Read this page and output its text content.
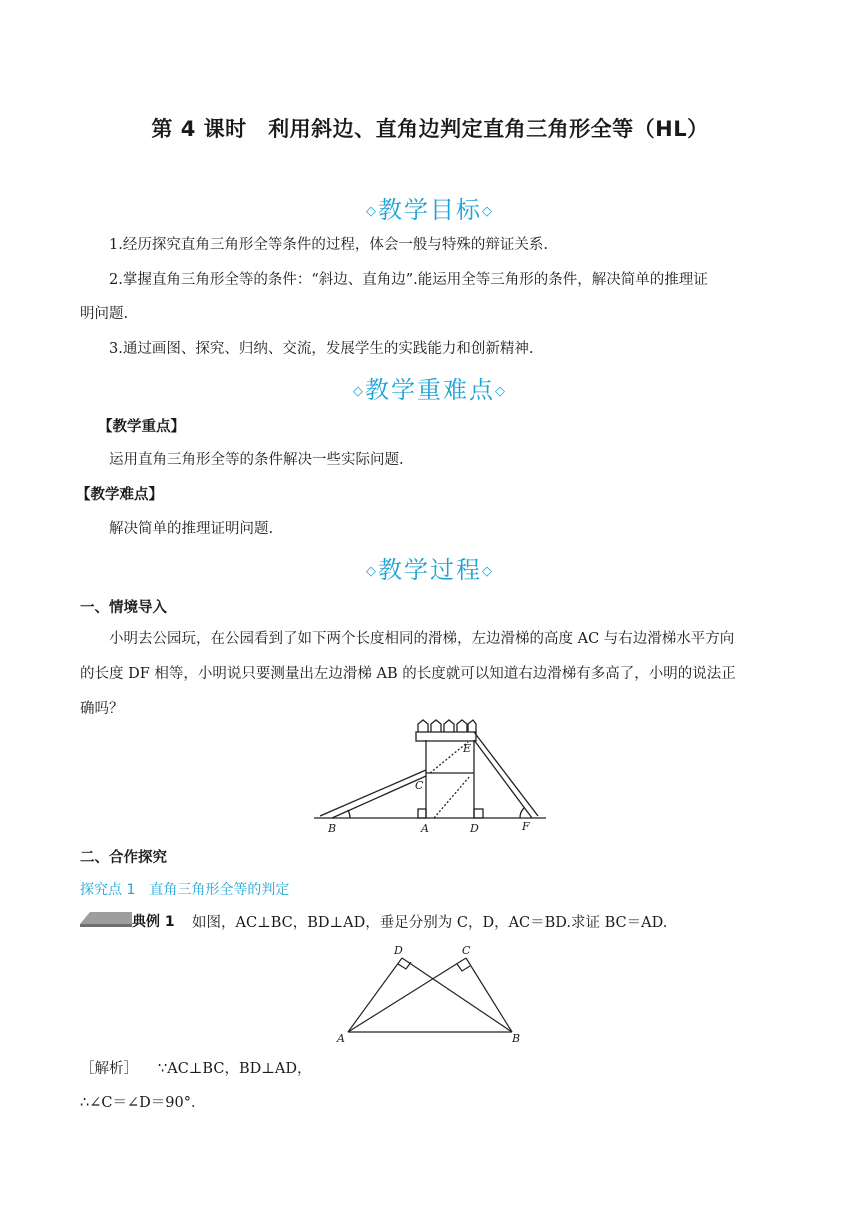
第 4 课时　利用斜边、直角边判定直角三角形全等（HL）
◇教学目标◇
1.经历探究直角三角形全等条件的过程，体会一般与特殊的辩证关系.
2.掌握直角三角形全等的条件：“斜边、直角边”.能运用全等三角形的条件，解决简单的推理证
明问题.
3.通过画图、探究、归纳、交流，发展学生的实践能力和创新精神.
◇教学重难点◇
【教学重点】
运用直角三角形全等的条件解决一些实际问题.
【教学难点】
解决简单的推理证明问题.
◇教学过程◇
一、情境导入
小明去公园玩，在公园看到了如下两个长度相同的滑梯，左边滑梯的高度 AC 与右边滑梯水平方向
的长度 DF 相等，小明说只要测量出左边滑梯 AB 的长度就可以知道右边滑梯有多高了，小明的说法正
确吗？
B	A	D	F
C
E
二、合作探究
探究点 1　直角三角形全等的判定
典例 1 如图，AC⊥BC，BD⊥AD，垂足分别为 C，D，AC＝BD.求证 BC＝AD.
D	C
A	B
［解析］ ∵AC⊥BC，BD⊥AD，
∴∠C＝∠D＝90°．
